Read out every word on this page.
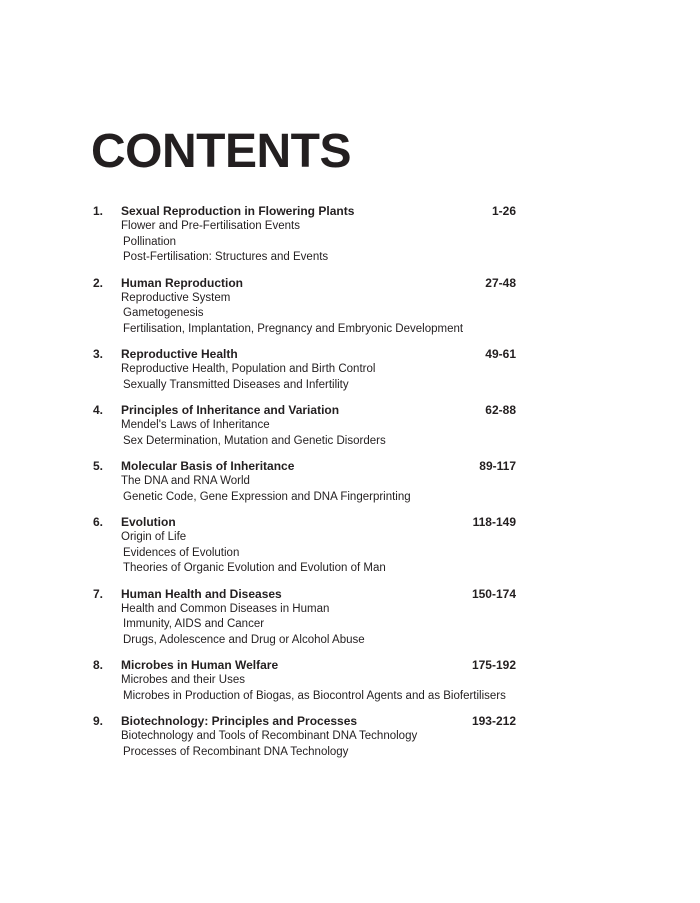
CONTENTS
1. Sexual Reproduction in Flowering Plants	1-26
Flower and Pre-Fertilisation Events
Pollination
Post-Fertilisation: Structures and Events
2. Human Reproduction	27-48
Reproductive System
Gametogenesis
Fertilisation, Implantation, Pregnancy and Embryonic Development
3. Reproductive Health	49-61
Reproductive Health, Population and Birth Control
Sexually Transmitted Diseases and Infertility
4. Principles of Inheritance and Variation	62-88
Mendel's Laws of Inheritance
Sex Determination, Mutation and Genetic Disorders
5. Molecular Basis of Inheritance	89-117
The DNA and RNA World
Genetic Code, Gene Expression and DNA Fingerprinting
6. Evolution	118-149
Origin of Life
Evidences of Evolution
Theories of Organic Evolution and Evolution of Man
7. Human Health and Diseases	150-174
Health and Common Diseases in Human
Immunity, AIDS and Cancer
Drugs, Adolescence and Drug or Alcohol Abuse
8. Microbes in Human Welfare	175-192
Microbes and their Uses
Microbes in Production of Biogas, as Biocontrol Agents and as Biofertilisers
9. Biotechnology: Principles and Processes	193-212
Biotechnology and Tools of Recombinant DNA Technology
Processes of Recombinant DNA Technology
